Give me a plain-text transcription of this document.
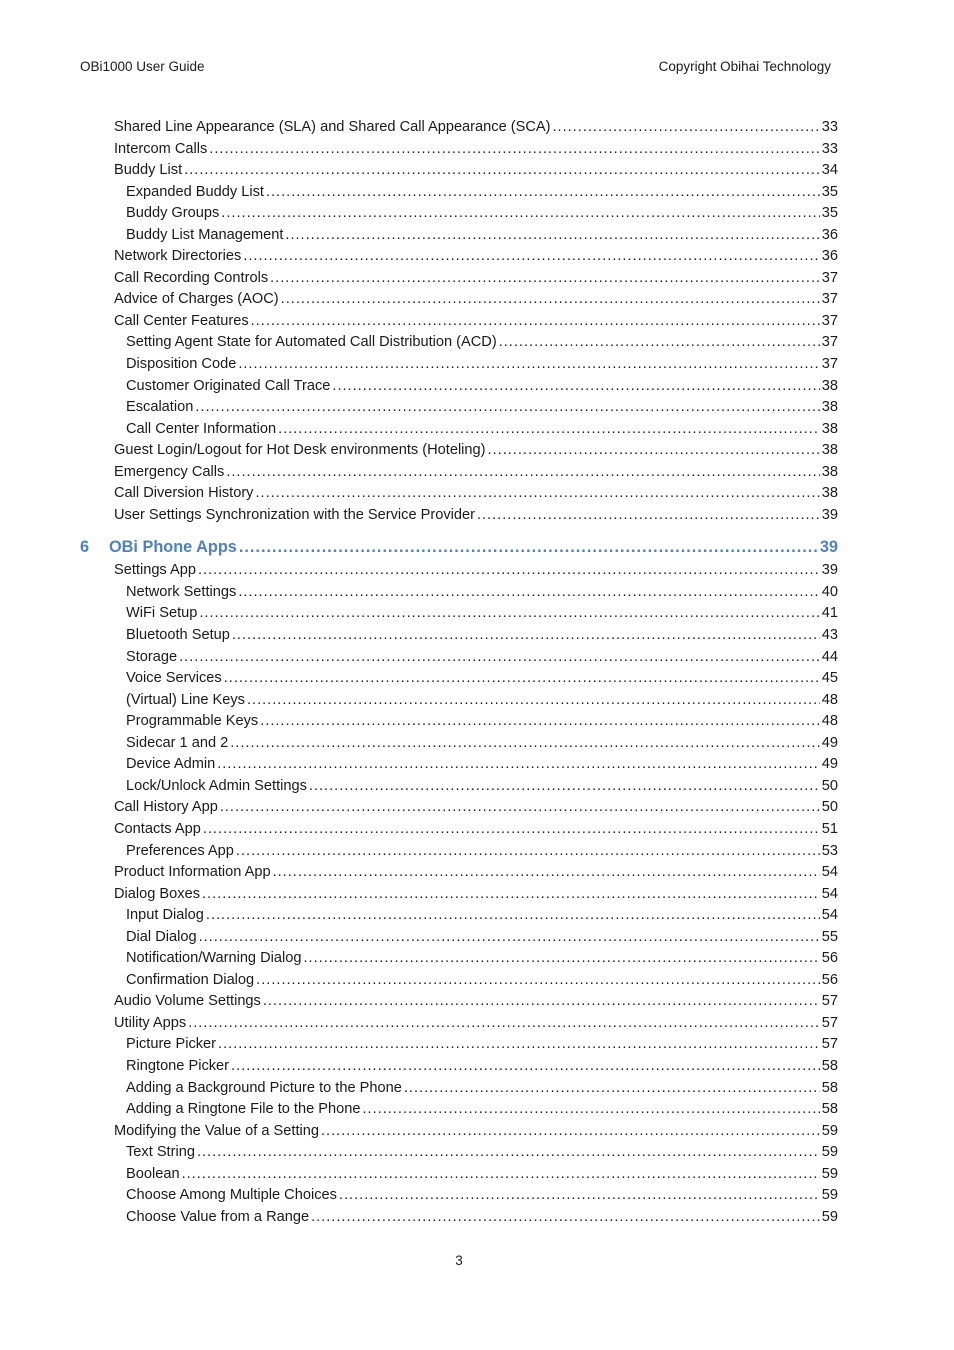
OBi1000 User Guide	Copyright Obihai Technology
Shared Line Appearance (SLA) and Shared Call Appearance (SCA) .....	33
Intercom Calls .....	33
Buddy List .....	34
Expanded Buddy List .....	35
Buddy Groups .....	35
Buddy List Management .....	36
Network Directories .....	36
Call Recording Controls .....	37
Advice of Charges (AOC) .....	37
Call Center Features .....	37
Setting Agent State for Automated Call Distribution (ACD) .....	37
Disposition Code .....	37
Customer Originated Call Trace .....	38
Escalation .....	38
Call Center Information .....	38
Guest Login/Logout for Hot Desk environments (Hoteling) .....	38
Emergency Calls .....	38
Call Diversion History .....	38
User Settings Synchronization with the Service Provider .....	39
6	OBi Phone Apps .....	39
Settings App .....	39
Network Settings .....	40
WiFi Setup .....	41
Bluetooth Setup .....	43
Storage .....	44
Voice Services .....	45
(Virtual) Line Keys .....	48
Programmable Keys .....	48
Sidecar 1 and 2 .....	49
Device Admin .....	49
Lock/Unlock Admin Settings .....	50
Call History App .....	50
Contacts App .....	51
Preferences App .....	53
Product Information App .....	54
Dialog Boxes .....	54
Input Dialog .....	54
Dial Dialog .....	55
Notification/Warning Dialog .....	56
Confirmation Dialog .....	56
Audio Volume Settings .....	57
Utility Apps .....	57
Picture Picker .....	57
Ringtone Picker .....	58
Adding a Background Picture to the Phone .....	58
Adding a Ringtone File to the Phone .....	58
Modifying the Value of a Setting .....	59
Text String .....	59
Boolean .....	59
Choose Among Multiple Choices .....	59
Choose Value from a Range .....	59
3
